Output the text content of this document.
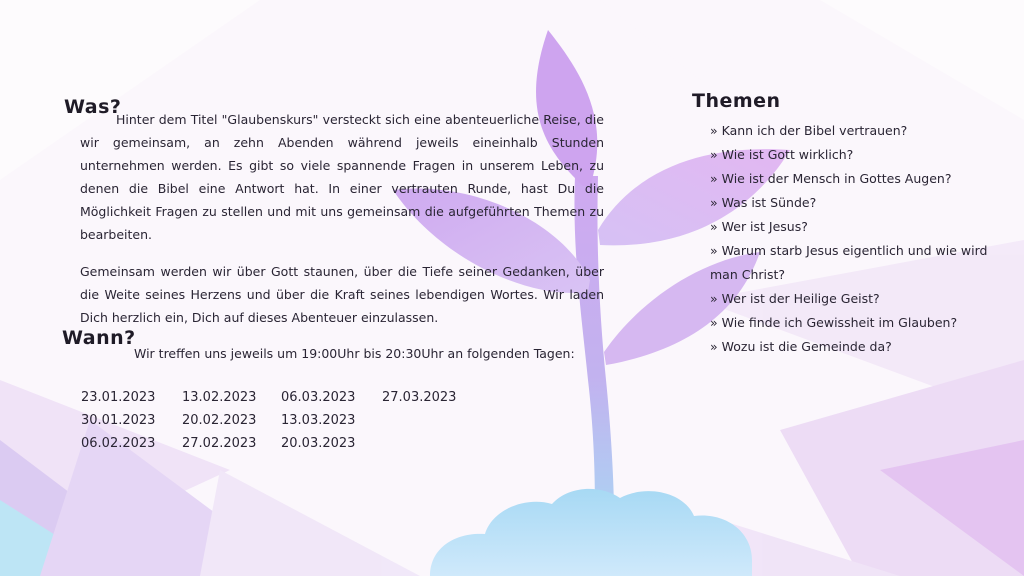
Was?

Hinter dem Titel "Glaubenskurs" versteckt sich eine abenteuerliche Reise, die wir gemeinsam, an zehn Abenden während jeweils eineinhalb Stunden unternehmen werden. Es gibt so viele spannende Fragen in unserem Leben, zu denen die Bibel eine Antwort hat. In einer vertrauten Runde, hast Du die Möglichkeit Fragen zu stellen und mit uns gemeinsam die aufgeführten Themen zu bearbeiten.

Gemeinsam werden wir über Gott staunen, über die Tiefe seiner Gedanken, über die Weite seines Herzens und über die Kraft seines lebendigen Wortes. Wir laden Dich herzlich ein, Dich auf dieses Abenteuer einzulassen.

Wann?
Wir treffen uns jeweils um 19:00Uhr bis 20:30Uhr an folgenden Tagen:
23.01.2023	13.02.2023	06.03.2023	27.03.2023
30.01.2023	20.02.2023	13.03.2023
06.02.2023	27.02.2023	20.03.2023
Themen
» Kann ich der Bibel vertrauen?
» Wie ist Gott wirklich?
» Wie ist der Mensch in Gottes Augen?
» Was ist Sünde?
» Wer ist Jesus?
» Warum starb Jesus eigentlich und wie wird man Christ?
» Wer ist der Heilige Geist?
» Wie finde ich Gewissheit im Glauben?
» Wozu ist die Gemeinde da?
